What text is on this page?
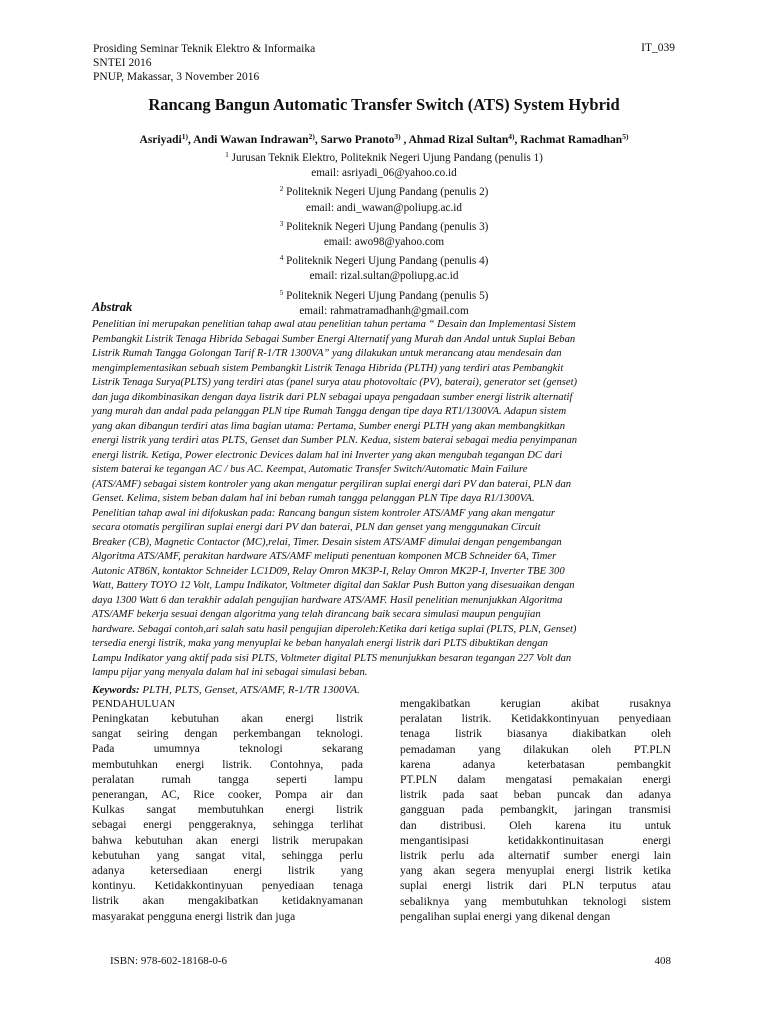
Prosiding Seminar Teknik Elektro & Informaika
SNTEI 2016
PNUP, Makassar, 3 November 2016
IT_039
Rancang Bangun Automatic Transfer Switch (ATS) System Hybrid
Asriyadi$^{1)}$, Andi Wawan Indrawan$^{2)}$, Sarwo Pranoto$^{3)}$ , Ahmad Rizal Sultan$^{4)}$, Rachmat Ramadhan$^{5)}$
$^1$ Jurusan Teknik Elektro, Politeknik Negeri Ujung Pandang (penulis 1)
email: asriyadi_06@yahoo.co.id
$^2$ Politeknik Negeri Ujung Pandang (penulis 2)
email: andi_wawan@poliupg.ac.id
$^3$ Politeknik Negeri Ujung Pandang (penulis 3)
email: awo98@yahoo.com
$^4$ Politeknik Negeri Ujung Pandang (penulis 4)
email: rizal.sultan@poliupg.ac.id
$^5$ Politeknik Negeri Ujung Pandang (penulis 5)
email: rahmatramadhanh@gmail.com
Abstrak
Penelitian ini merupakan penelitian tahap awal atau penelitian tahun pertama “ Desain dan Implementasi Sistem
Pembangkit Listrik Tenaga Hibrida Sebagai Sumber Energi Alternatif yang Murah dan Andal untuk Suplai Beban
Listrik Rumah Tangga Golongan Tarif R-1/TR 1300VA” yang dilakukan untuk merancang atau mendesain dan
mengimplementasikan sebuah sistem Pembangkit Listrik Tenaga Hibrida (PLTH) yang terdiri atas Pembangkit
Listrik Tenaga Surya(PLTS) yang terdiri atas (panel surya atau photovoltaic (PV), baterai), generator set (genset)
dan juga dikombinasikan dengan daya listrik dari PLN sebagai upaya pengadaan sumber energi listrik alternatif
yang murah dan andal pada pelanggan PLN tipe Rumah Tangga dengan tipe daya RT1/1300VA. Adapun sistem
yang akan dibangun terdiri atas lima bagian utama: Pertama, Sumber energi PLTH yang akan membangkitkan
energi listrik yang terdiri atas PLTS, Genset dan Sumber PLN. Kedua, sistem baterai sebagai media penyimpanan
energi listrik. Ketiga, Power electronic Devices dalam hal ini Inverter yang akan mengubah tegangan DC dari
sistem baterai ke tegangan AC / bus AC. Keempat, Automatic Transfer Switch/Automatic Main Failure
(ATS/AMF) sebagai sistem kontroler yang akan mengatur pergiliran suplai energi dari PV dan baterai, PLN dan
Genset. Kelima, sistem beban dalam hal ini beban rumah tangga pelanggan PLN Tipe daya R1/1300VA.
Penelitian tahap awal ini difokuskan pada: Rancang bangun sistem kontroler ATS/AMF yang akan mengatur
secara otomatis pergiliran suplai energi dari PV dan baterai, PLN dan genset yang menggunakan Circuit
Breaker (CB), Magnetic Contactor (MC),relai, Timer. Desain sistem ATS/AMF dimulai dengan pengembangan
Algoritma ATS/AMF, perakitan hardware ATS/AMF meliputi penentuan komponen MCB Schneider 6A, Timer
Autonic AT86N, kontaktor Schneider LC1D09, Relay Omron MK3P-I, Relay Omron MK2P-I, Inverter TBE 300
Watt, Battery TOYO 12 Volt, Lampu Indikator, Voltmeter digital dan Saklar Push Button yang disesuaikan dengan
daya 1300 Watt 6 dan terakhir adalah pengujian hardware ATS/AMF. Hasil penelitian menunjukkan Algoritma
ATS/AMF bekerja sesuai dengan algoritma yang telah dirancang baik secara simulasi maupun pengujian
hardware. Sebagai contoh,ari salah satu hasil pengujian diperoleh:Ketika dari ketiga suplai (PLTS, PLN, Genset)
tersedia energi listrik, maka yang menyuplai ke beban hanyalah energi listrik dari PLTS dibuktikan dengan
Lampu Indikator yang aktif pada sisi PLTS, Voltmeter digital PLTS menunjukkan besaran tegangan 227 Volt dan
lampu pijar yang menyala dalam hal ini sebagai simulasi beban.
Keywords: PLTH, PLTS, Genset, ATS/AMF, R-1/TR 1300VA.
PENDAHULUAN
Peningkatan kebutuhan akan energi listrik
sangat seiring dengan perkembangan teknologi.
Pada umumnya teknologi sekarang
membutuhkan energi listrik. Contohnya, pada
peralatan rumah tangga seperti lampu
penerangan, AC, Rice cooker, Pompa air dan
Kulkas sangat membutuhkan energi listrik
sebagai energi penggeraknya, sehingga terlihat
bahwa kebutuhan akan energi listrik merupakan
kebutuhan yang sangat vital, sehingga perlu
adanya ketersediaan energi listrik yang
kontinyu. Ketidakkontinyuan penyediaan tenaga
listrik akan mengakibatkan ketidaknyamanan
masyarakat pengguna energi listrik dan juga
mengakibatkan kerugian akibat rusaknya
peralatan listrik. Ketidakkontinyuan penyediaan
tenaga listrik biasanya diakibatkan oleh
pemadaman yang dilakukan oleh PT.PLN
karena adanya keterbatasan pembangkit
PT.PLN dalam mengatasi pemakaian energi
listrik pada saat beban puncak dan adanya
gangguan pada pembangkit, jaringan transmisi
dan distribusi. Oleh karena itu untuk
mengantisipasi ketidakkontinuitasan energi
listrik perlu ada alternatif sumber energi lain
yang akan segera menyuplai energi listrik ketika
suplai energi listrik dari PLN terputus atau
sebaliknya yang membutuhkan teknologi sistem
pengalihan suplai energi yang dikenal dengan
ISBN: 978-602-18168-0-6	408
